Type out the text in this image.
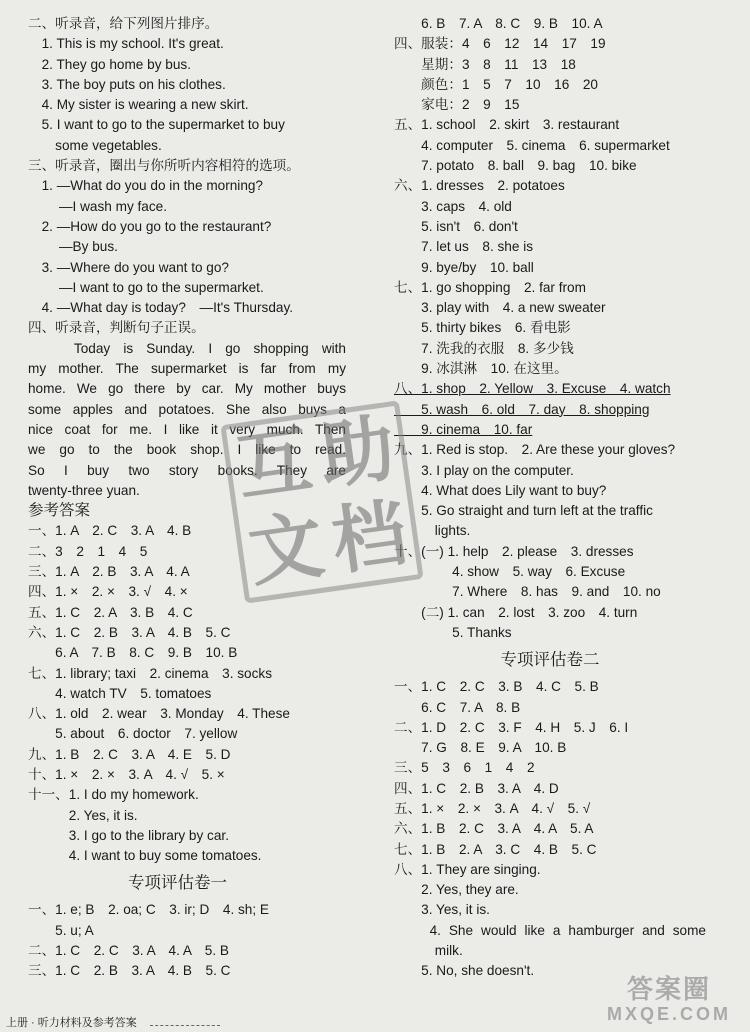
二、听录音，给下列图片排序。
　1. This is my school. It's great.
　2. They go home by bus.
　3. The boy puts on his clothes.
　4. My sister is wearing a new skirt.
　5. I want to go to the supermarket to buy
　　some vegetables.
三、听录音，圈出与你所听内容相符的选项。
　1. —What do you do in the morning?
　　 —I wash my face.
　2. —How do you go to the restaurant?
　　 —By bus.
　3. —Where do you want to go?
　　 —I want to go to the supermarket.
　4. —What day is today?　—It's Thursday.
四、听录音，判断句子正误。
　　Today is Sunday. I go shopping with
my mother. The supermarket is far from my
home. We go there by car. My mother buys
some apples and potatoes. She also buys a
nice coat for me. I like it very much. Then
we go to the book shop. I like to read.
So I buy two story books. They are
twenty-three yuan.
参考答案
一、1. A　2. C　3. A　4. B
二、3　2　1　4　5
三、1. A　2. B　3. A　4. A
四、1. ×　2. ×　3. √　4. ×
五、1. C　2. A　3. B　4. C
六、1. C　2. B　3. A　4. B　5. C
　　6. A　7. B　8. C　9. B　10. B
七、1. library; taxi　2. cinema　3. socks
　　4. watch TV　5. tomatoes
八、1. old　2. wear　3. Monday　4. These
　　5. about　6. doctor　7. yellow
九、1. B　2. C　3. A　4. E　5. D
十、1. ×　2. ×　3. A　4. √　5. ×
十一、1. I do my homework.
　　　2. Yes, it is.
　　　3. I go to the library by car.
　　　4. I want to buy some tomatoes.
专项评估卷一
一、1. e; B　2. oa; C　3. ir; D　4. sh; E
　　5. u; A
二、1. C　2. C　3. A　4. A　5. B
三、1. C　2. B　3. A　4. B　5. C
　　6. B　7. A　8. C　9. B　10. A
四、服装：4　6　12　14　17　19
　　星期：3　8　11　13　18
　　颜色：1　5　7　10　16　20
　　家电：2　9　15
五、1. school　2. skirt　3. restaurant
　　4. computer　5. cinema　6. supermarket
　　7. potato　8. ball　9. bag　10. bike
六、1. dresses　2. potatoes
　　3. caps　4. old
　　5. isn't　6. don't
　　7. let us　8. she is
　　9. bye/by　10. ball
七、1. go shopping　2. far from
　　3. play with　4. a new sweater
　　5. thirty bikes　6. 看电影
　　7. 洗我的衣服　8. 多少钱
　　9. 冰淇淋　10. 在这里。
八、1. shop　2. Yellow　3. Excuse　4. watch
　　5. wash　6. old　7. day　8. shopping
　　9. cinema　10. far
九、1. Red is stop.　2. Are these your gloves?
　　3. I play on the computer.
　　4. What does Lily want to buy?
　　5. Go straight and turn left at the traffic
　　　lights.
十、(一) 1. help　2. please　3. dresses
　　　　 4. show　5. way　6. Excuse
　　　　 7. Where　8. has　9. and　10. no
　　(二) 1. can　2. lost　3. zoo　4. turn
　　　　 5. Thanks
专项评估卷二
一、1. C　2. C　3. B　4. C　5. B
　　6. C　7. A　8. B
二、1. D　2. C　3. F　4. H　5. J　6. I
　　7. G　8. E　9. A　10. B
三、5　3　6　1　4　2
四、1. C　2. B　3. A　4. D
五、1. ×　2. ×　3. A　4. √　5. √
六、1. B　2. C　3. A　4. A　5. A
七、1. B　2. A　3. C　4. B　5. C
八、1. They are singing.
　　2. Yes, they are.
　　3. Yes, it is.
　　4. She would like a hamburger and some
　　　milk.
　　5. No, she doesn't.
互
助
文
档
答案圈
MXQE.COM
上册 · 听力材料及参考答案
